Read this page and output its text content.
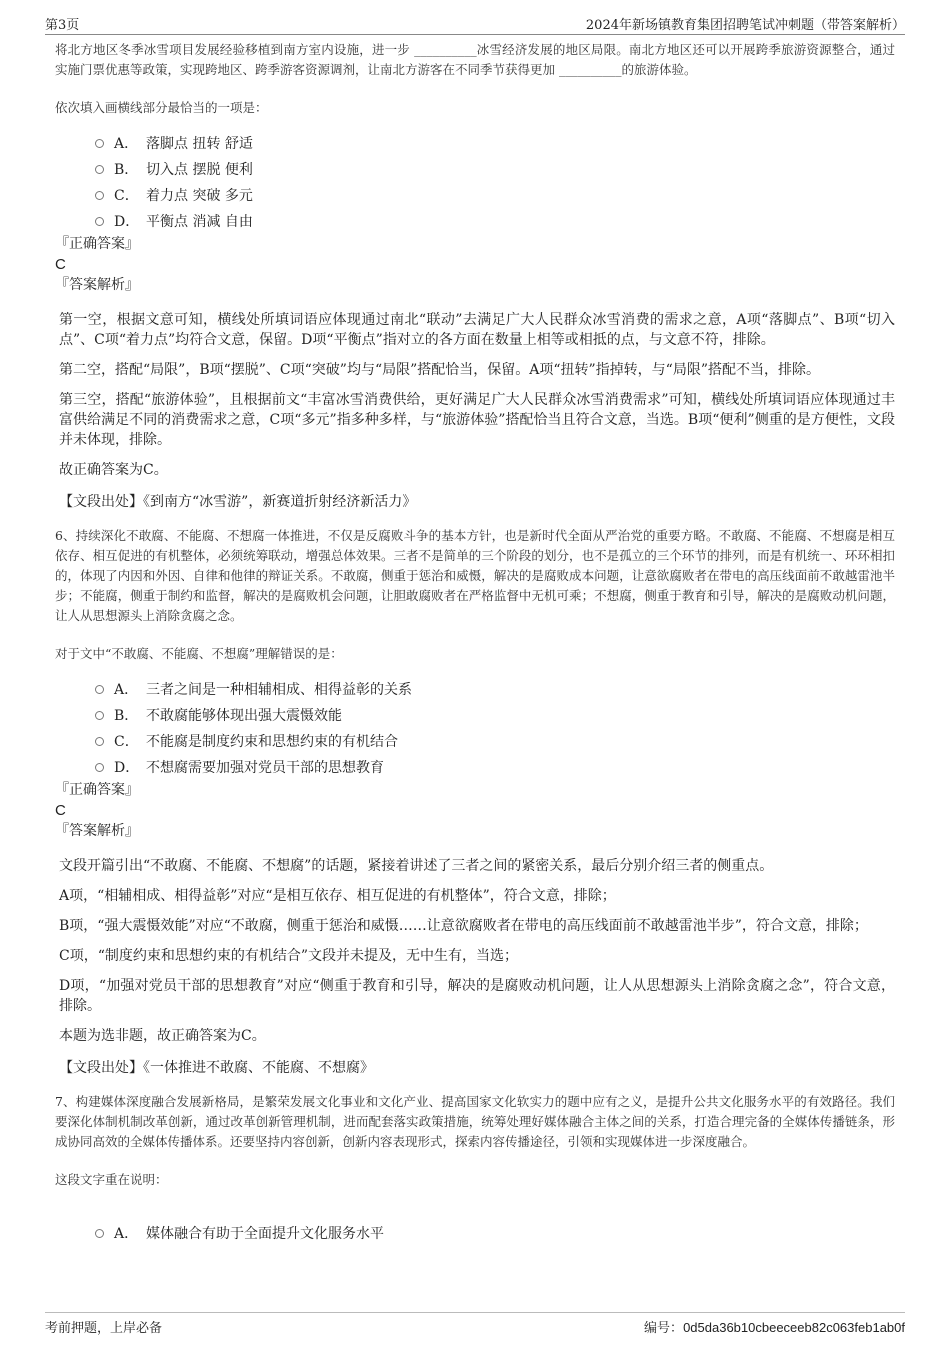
第3页	2024年新场镇教育集团招聘笔试冲刺题（带答案解析）

将北方地区冬季冰雪项目发展经验移植到南方室内设施，进一步 __________冰雪经济发展的地区局限。南北方地区还可以开展跨季旅游资源整合，通过实施门票优惠等政策，实现跨地区、跨季游客资源调剂，让南北方游客在不同季节获得更加 __________的旅游体验。

依次填入画横线部分最恰当的一项是：

A． 落脚点 扭转 舒适
B． 切入点 摆脱 便利
C． 着力点 突破 多元
D． 平衡点 消减 自由

『正确答案』

C

『答案解析』

第一空，根据文意可知，横线处所填词语应体现通过南北“联动”去满足广大人民群众冰雪消费的需求之意，A项“落脚点”、B项“切入点”、C项“着力点”均符合文意，保留。D项“平衡点”指对立的各方面在数量上相等或相抵的点，与文意不符，排除。

第二空，搭配“局限”，B项“摆脱”、C项“突破”均与“局限”搭配恰当，保留。A项“扭转”指掉转，与“局限”搭配不当，排除。

第三空，搭配“旅游体验”，且根据前文“丰富冰雪消费供给，更好满足广大人民群众冰雪消费需求”可知，横线处所填词语应体现通过丰富供给满足不同的消费需求之意，C项“多元”指多种多样，与“旅游体验”搭配恰当且符合文意，当选。B项“便利”侧重的是方便性，文段并未体现，排除。

故正确答案为C。

【文段出处】《到南方“冰雪游”，新赛道折射经济新活力》

6、持续深化不敢腐、不能腐、不想腐一体推进，不仅是反腐败斗争的基本方针，也是新时代全面从严治党的重要方略。不敢腐、不能腐、不想腐是相互依存、相互促进的有机整体，必须统筹联动，增强总体效果。三者不是简单的三个阶段的划分，也不是孤立的三个环节的排列，而是有机统一、环环相扣的，体现了内因和外因、自律和他律的辩证关系。不敢腐，侧重于惩治和威慑，解决的是腐败成本问题，让意欲腐败者在带电的高压线面前不敢越雷池半步；不能腐，侧重于制约和监督，解决的是腐败机会问题，让胆敢腐败者在严格监督中无机可乘；不想腐，侧重于教育和引导，解决的是腐败动机问题，让人从思想源头上消除贪腐之念。

对于文中“不敢腐、不能腐、不想腐”理解错误的是：

A． 三者之间是一种相辅相成、相得益彰的关系
B． 不敢腐能够体现出强大震慑效能
C． 不能腐是制度约束和思想约束的有机结合
D． 不想腐需要加强对党员干部的思想教育

『正确答案』

C

『答案解析』

文段开篇引出“不敢腐、不能腐、不想腐”的话题，紧接着讲述了三者之间的紧密关系，最后分别介绍三者的侧重点。

A项，“相辅相成、相得益彰”对应“是相互依存、相互促进的有机整体”，符合文意，排除；

B项，“强大震慑效能”对应“不敢腐，侧重于惩治和威慑……让意欲腐败者在带电的高压线面前不敢越雷池半步”，符合文意，排除；

C项，“制度约束和思想约束的有机结合”文段并未提及，无中生有，当选；

D项，“加强对党员干部的思想教育”对应“侧重于教育和引导，解决的是腐败动机问题，让人从思想源头上消除贪腐之念”，符合文意，排除。

本题为选非题，故正确答案为C。

【文段出处】《一体推进不敢腐、不能腐、不想腐》

7、构建媒体深度融合发展新格局，是繁荣发展文化事业和文化产业、提高国家文化软实力的题中应有之义，是提升公共文化服务水平的有效路径。我们要深化体制机制改革创新，通过改革创新管理机制，进而配套落实政策措施，统筹处理好媒体融合主体之间的关系，打造合理完备的全媒体传播链条，形成协同高效的全媒体传播体系。还要坚持内容创新，创新内容表现形式，探索内容传播途径，引领和实现媒体进一步深度融合。

这段文字重在说明：

A． 媒体融合有助于全面提升文化服务水平
考前押题，上岸必备	编号：0d5da36b10cbeeceeb82c063feb1ab0f
